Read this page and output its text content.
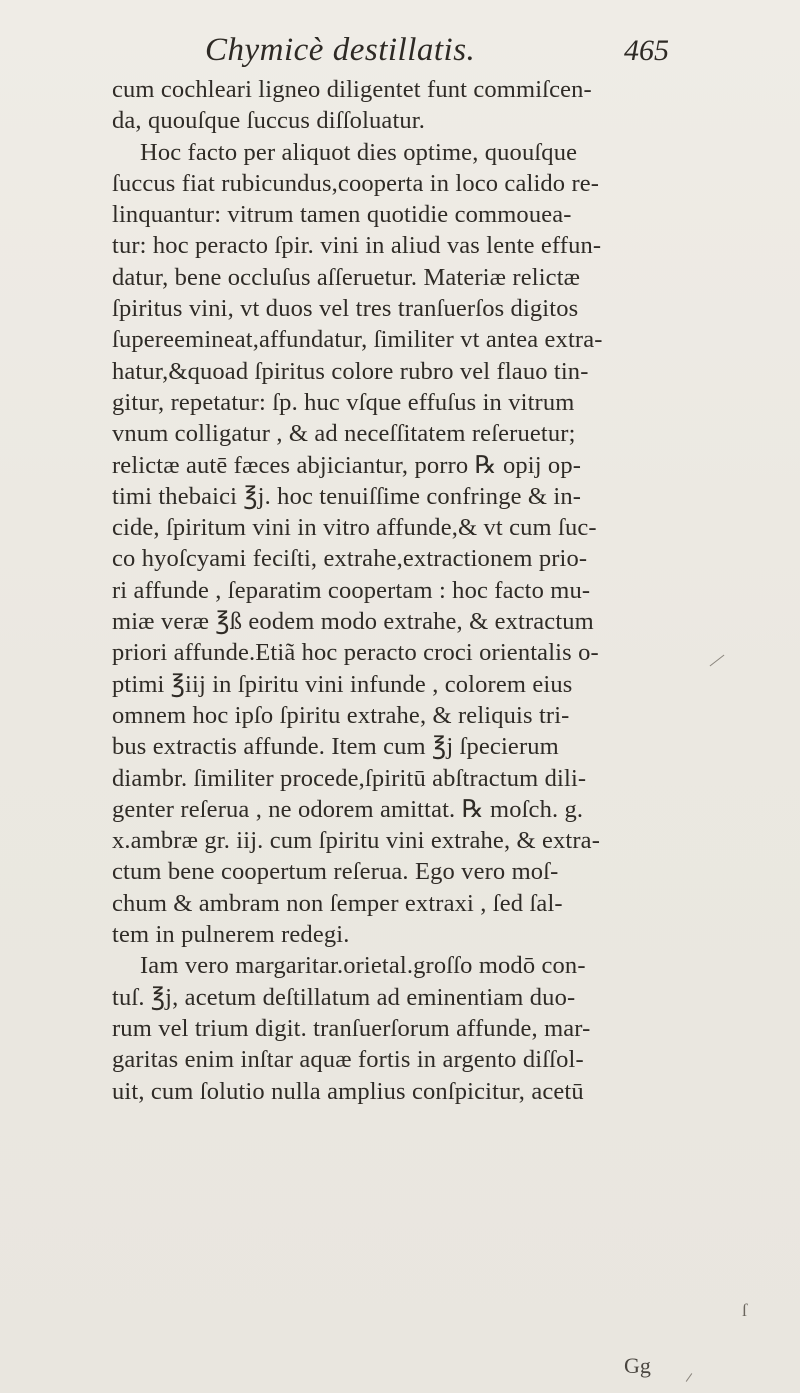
Chymicè destillatis.	465
cum cochleari ligneo diligentet funt commiſcen-
da, quouſque ſuccus diſſoluatur.
Hoc facto per aliquot dies optime, quouſque
ſuccus fiat rubicundus,cooperta in loco calido re-
linquantur: vitrum tamen quotidie commoueа-
tur: hoc peracto ſpir. vini in aliud vas lente effun-
datur, bene occluſus aſſeruetur. Materiæ relictæ
ſpiritus vini, vt duos vel tres tranſuerſos digitos
ſupereemineat,affundatur, ſimiliter vt antea extra-
hatur,&quoad ſpiritus colore rubro vel flauo tin-
gitur, repetatur: ſp. huc vſque effuſus in vitrum
vnum colligatur , & ad neceſſitatem reſeruetur;
relictæ autē fæces abjiciantur, porro ℞ opij op-
timi thebaici ℥j. hoc tenuiſſime confringe & in-
cide, ſpiritum vini in vitro affunde,& vt cum ſuc-
co hyoſcyami feciſti, extrahe,extractionem prio-
ri affunde , ſeparatim coopertam : hoc facto mu-
miæ veræ ℥ß eodem modo extrahe, & extractum
priori affunde.Etiã hoc peracto croci orientalis o-
ptimi ℥iij in ſpiritu vini infunde , colorem eius
omnem hoc ipſo ſpiritu extrahe, & reliquis tri-
bus extractis affunde. Item cum ℥j ſpecierum
diambr. ſimiliter procede,ſpiritū abſtractum dili-
genter reſerua , ne odorem amittat. ℞ moſch. g.
x.ambræ gr. iij. cum ſpiritu vini extrahe, & extra-
ctum bene coopertum reſerua. Ego vero moſ-
chum & ambram non ſemper extraxi , ſed ſal-
tem in pulnerem redegi.
Iam vero margaritar.orietal.groſſo modō con-
tuſ. ℥j, acetum deſtillatum ad eminentiam duo-
rum vel trium digit. tranſuerſorum affunde, mar-
garitas enim inſtar aquæ fortis in argento diſſol-
uit, cum ſolutio nulla amplius conſpicitur, acetū
ſ
Gg
